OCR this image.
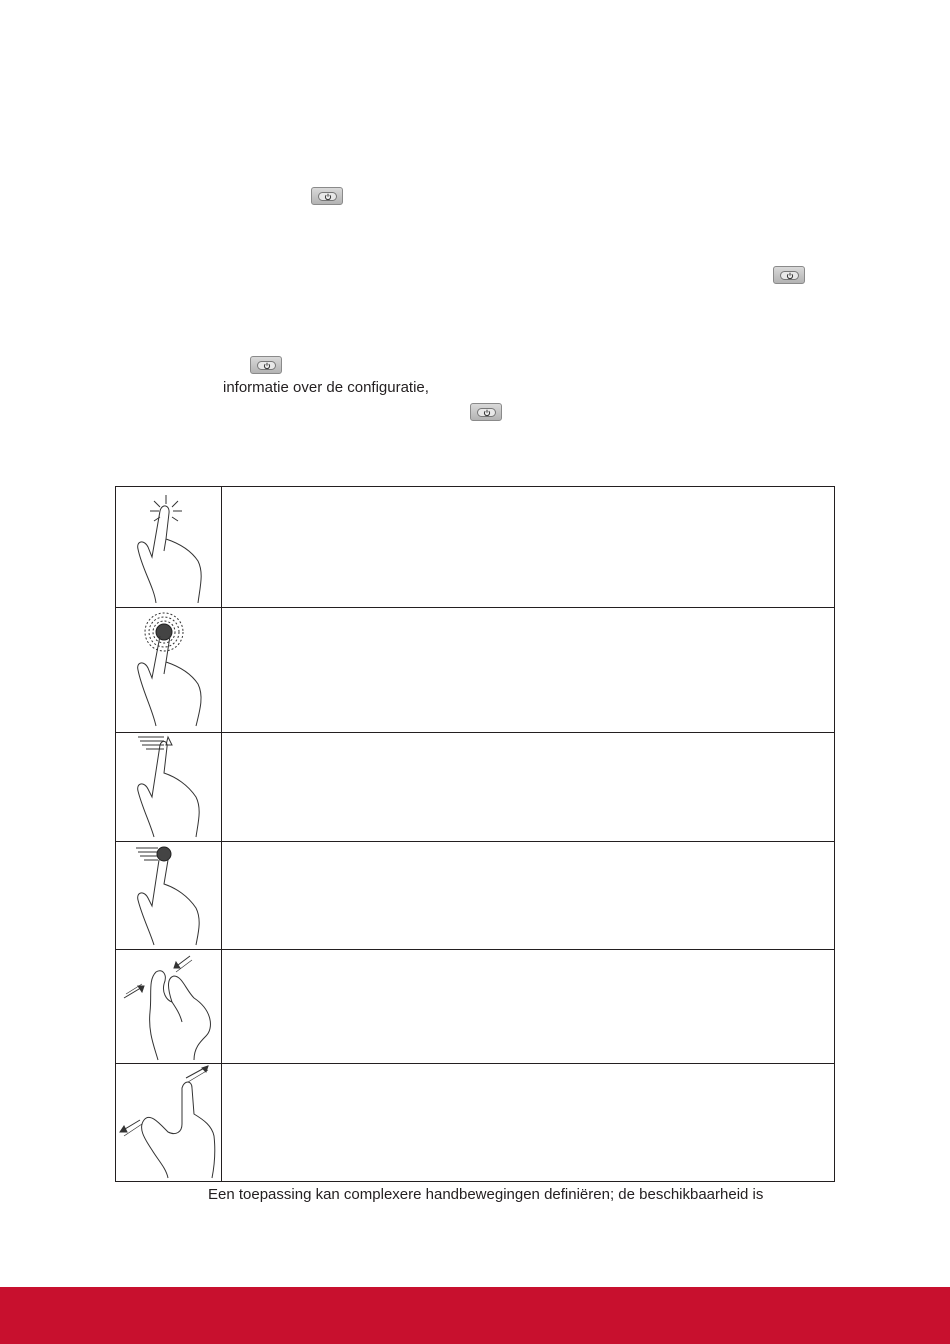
informatie over de configuratie,
Een toepassing kan complexere handbewegingen definiëren; de beschikbaarheid is
